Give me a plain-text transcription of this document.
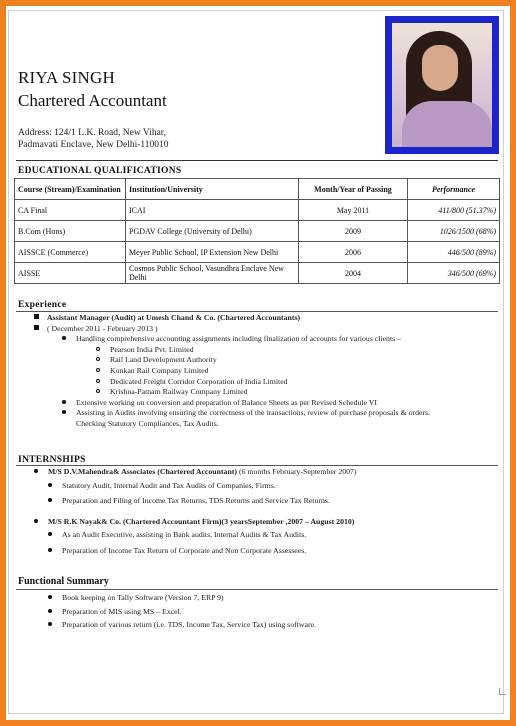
RIYA SINGH
Chartered Accountant
Address: 124/1 L.K. Road, New Vihar,
Padmavati Enclave, New Delhi-110010
EDUCATIONAL QUALIFICATIONS
Course (Stream)/Examination	Institution/University	Month/Year of Passing	Performance
CA Final	ICAI	May 2011	411/800 (51.37%)
B.Com (Hons)	PGDAV College (University of Delhi)	2009	1026/1500 (68%)
AISSCE (Commerce)	Meyer Public School, IP Extension New Delhi	2006	446/500 (89%)
AISSE	Cosmos Public School, Vasundhra Enclave New Delhi	2004	346/500 (69%)
Experience
Assistant Manager (Audit) at Umesh Chand & Co. (Chartered Accountants)
( December 2011 - February 2013 )
Handling comprehensive accounting assignments including finalization of accounts for various clients –
Pearson India Pvt. Limited
Rail Land Development Authority
Konkan Rail Company Limited
Dedicated Freight Corridor Corporation of India Limited
Krishna-Patnam Railway Company Limited
Extensive working on conversion and preparation of Balance Sheets as per Revised Schedule VI
Assisting in Audits involving ensuring the correctness of the transactions, review of purchase proposals & orders.
Checking Statutory Compliances, Tax Audits.
INTERNSHIPS
M/S D.V.Mahendra& Associates (Chartered Accountant) (6 months February-September 2007)
Statutory Audit, Internal Audit and Tax Audits of Companies, Firms.
Preparation and Filing of Income Tax Returns, TDS Returns and Service Tax Returns.
M/S R.K Nayak& Co. (Chartered Accountant Firm)(3 yearsSeptember ,2007 – August 2010)
As an Audit Executive, assisting in Bank audits, Internal Audits & Tax Audits.
Preparation of Income Tax Return of Corporate and Non Corporate Assessees.
Functional Summary
Book keeping on Tally Software (Version 7, ERP 9)
Preparation of MIS using MS – Excel.
Preparation of various return (i.e. TDS, Income Tax, Service Tax) using software.
